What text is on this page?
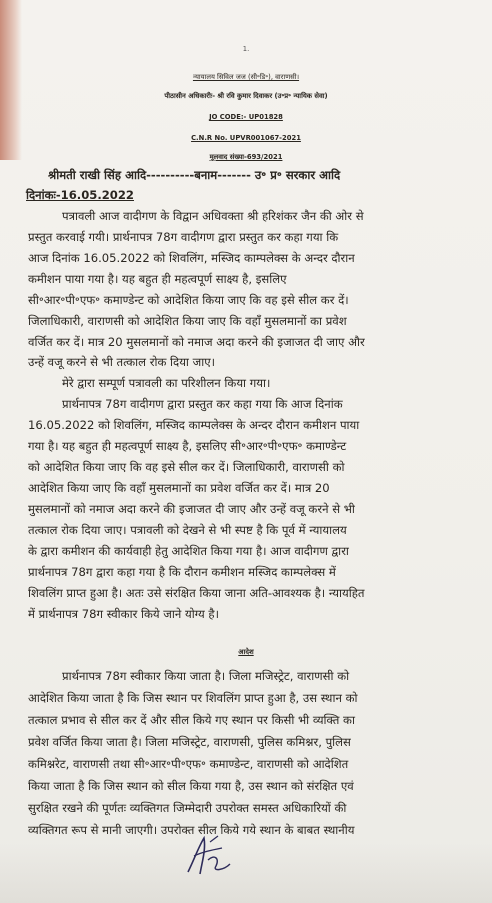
1.
न्यायालय सिविल जज (सी॰डि॰), वाराणसी।
पीठासीन अधिकारीः- श्री रवि कुमार दिवाकर (उ॰प्र॰ न्यायिक सेवा)
JO CODE:- UP01828
C.N.R No. UPVR001067-2021
मूलवाद संख्या-693/2021
श्रीमती राखी सिंह आदि----------बनाम------- उ॰ प्र॰ सरकार आदि
दिनांकः-16.05.2022
पत्रावली आज वादीगण के विद्वान अधिवक्ता श्री हरिशंकर जैन की ओर से
प्रस्तुत करवाई गयी। प्रार्थनापत्र 78ग वादीगण द्वारा प्रस्तुत कर कहा गया कि
आज दिनांक 16.05.2022 को शिवलिंग, मस्जिद काम्पलेक्स के अन्दर दौरान
कमीशन पाया गया है। यह बहुत ही महत्वपूर्ण साक्ष्य है, इसलिए
सी॰आर॰पी॰एफ॰ कमाण्डेन्ट को आदेशित किया जाए कि वह इसे सील कर दें।
जिलाधिकारी, वाराणसी को आदेशित किया जाए कि वहाँ मुसलमानों का प्रवेश
वर्जित कर दें। मात्र 20 मुसलमानों को नमाज अदा करने की इजाजत दी जाए और
उन्हें वजू करने से भी तत्काल रोक दिया जाए।
मेरे द्वारा सम्पूर्ण पत्रावली का परिशीलन किया गया।
प्रार्थनापत्र 78ग वादीगण द्वारा प्रस्तुत कर कहा गया कि आज दिनांक
16.05.2022 को शिवलिंग, मस्जिद काम्पलेक्स के अन्दर दौरान कमीशन पाया
गया है। यह बहुत ही महत्वपूर्ण साक्ष्य है, इसलिए सी॰आर॰पी॰एफ॰ कमाण्डेन्ट
को आदेशित किया जाए कि वह इसे सील कर दें। जिलाधिकारी, वाराणसी को
आदेशित किया जाए कि वहाँ मुसलमानों का प्रवेश वर्जित कर दें। मात्र 20
मुसलमानों को नमाज अदा करने की इजाजत दी जाए और उन्हें वजू करने से भी
तत्काल रोक दिया जाए। पत्रावली को देखने से भी स्पष्ट है कि पूर्व में न्यायालय
के द्वारा कमीशन की कार्यवाही हेतु आदेशित किया गया है। आज वादीगण द्वारा
प्रार्थनापत्र 78ग द्वारा कहा गया है कि दौरान कमीशन मस्जिद काम्पलेक्स में
शिवलिंग प्राप्त हुआ है। अतः उसे संरक्षित किया जाना अति-आवश्यक है। न्यायहित
में प्रार्थनापत्र 78ग स्वीकार किये जाने योग्य है।
आदेश
प्रार्थनापत्र 78ग स्वीकार किया जाता है। जिला मजिस्ट्रेट, वाराणसी को
आदेशित किया जाता है कि जिस स्थान पर शिवलिंग प्राप्त हुआ है, उस स्थान को
तत्काल प्रभाव से सील कर दें और सील किये गए स्थान पर किसी भी व्यक्ति का
प्रवेश वर्जित किया जाता है। जिला मजिस्ट्रेट, वाराणसी, पुलिस कमिश्नर, पुलिस
कमिश्नरेट, वाराणसी तथा सी॰आर॰पी॰एफ॰ कमाण्डेन्ट, वाराणसी को आदेशित
किया जाता है कि जिस स्थान को सील किया गया है, उस स्थान को संरक्षित एवं
सुरक्षित रखने की पूर्णतः व्यक्तिगत जिम्मेदारी उपरोक्त समस्त अधिकारियों की
व्यक्तिगत रूप से मानी जाएगी। उपरोक्त सील किये गये स्थान के बाबत स्थानीय
